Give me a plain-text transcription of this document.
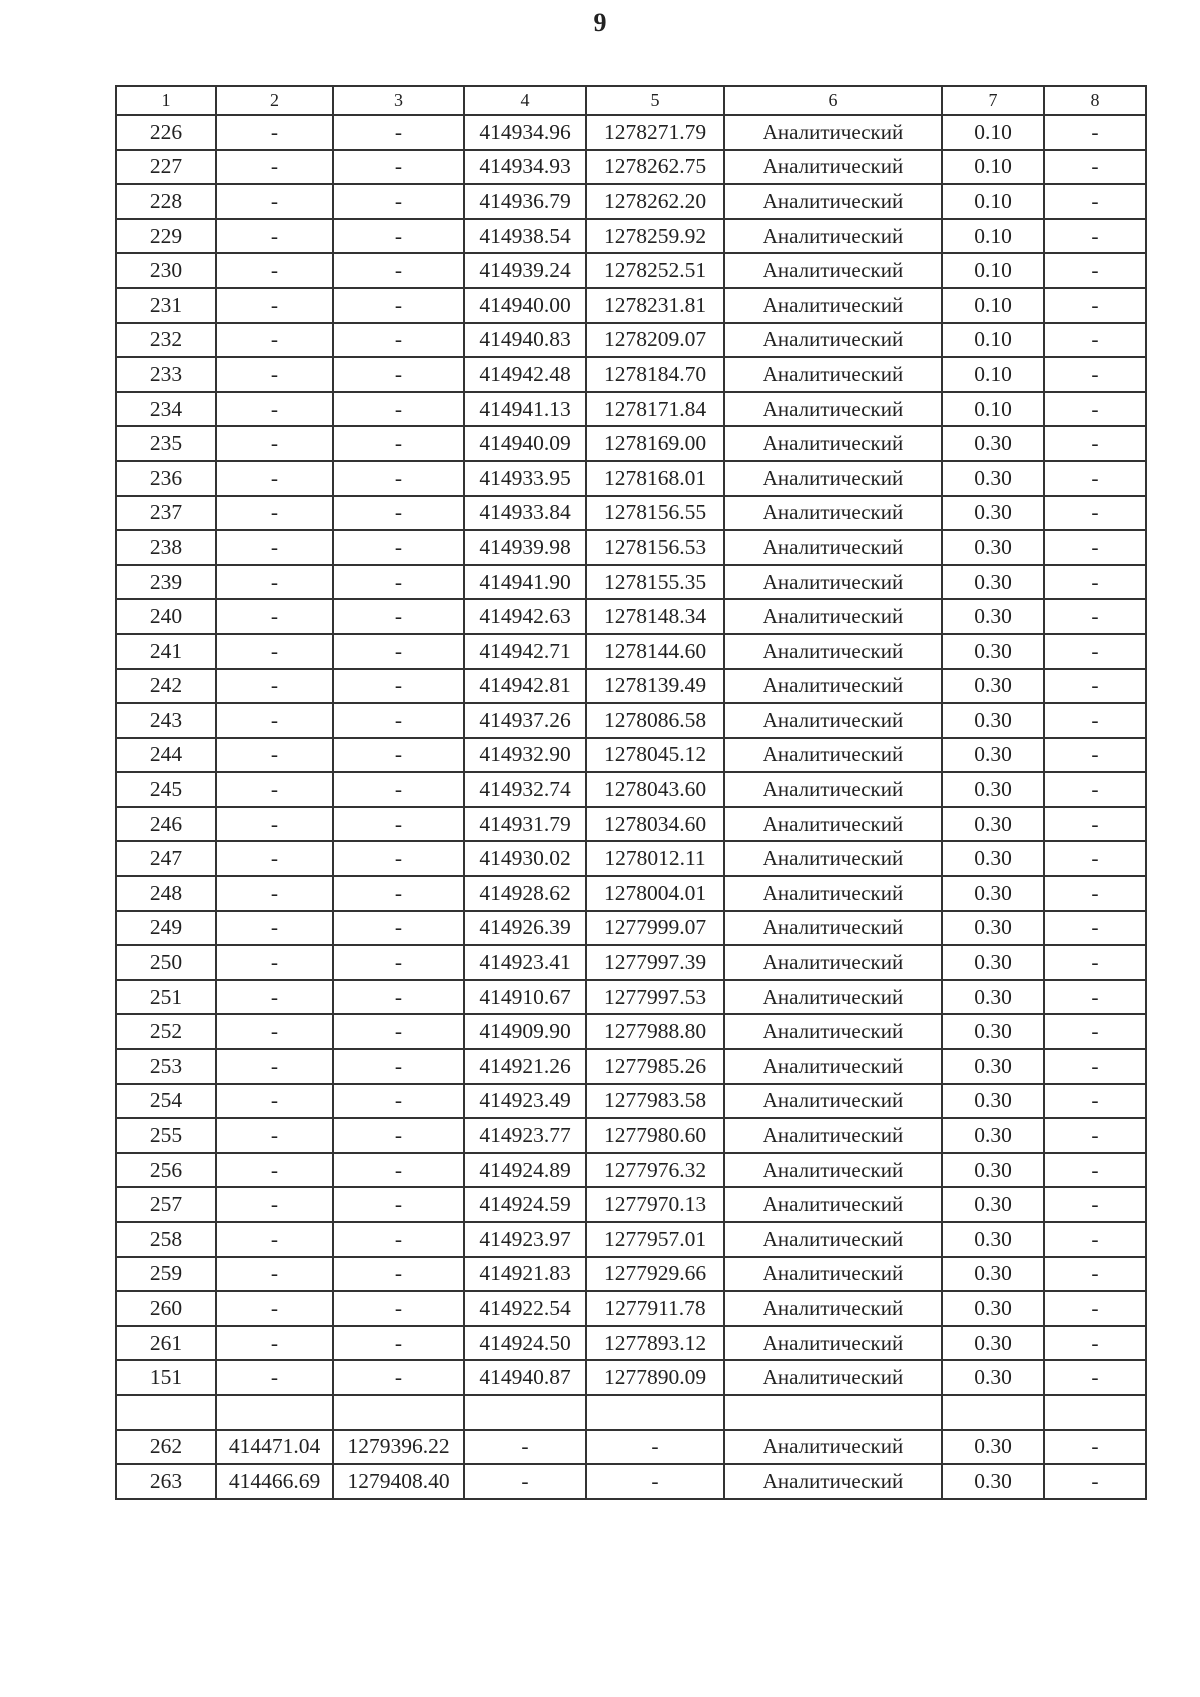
9
1	2	3	4	5	6	7	8
226	-	-	414934.96	1278271.79	Аналитический	0.10	-
227	-	-	414934.93	1278262.75	Аналитический	0.10	-
228	-	-	414936.79	1278262.20	Аналитический	0.10	-
229	-	-	414938.54	1278259.92	Аналитический	0.10	-
230	-	-	414939.24	1278252.51	Аналитический	0.10	-
231	-	-	414940.00	1278231.81	Аналитический	0.10	-
232	-	-	414940.83	1278209.07	Аналитический	0.10	-
233	-	-	414942.48	1278184.70	Аналитический	0.10	-
234	-	-	414941.13	1278171.84	Аналитический	0.10	-
235	-	-	414940.09	1278169.00	Аналитический	0.30	-
236	-	-	414933.95	1278168.01	Аналитический	0.30	-
237	-	-	414933.84	1278156.55	Аналитический	0.30	-
238	-	-	414939.98	1278156.53	Аналитический	0.30	-
239	-	-	414941.90	1278155.35	Аналитический	0.30	-
240	-	-	414942.63	1278148.34	Аналитический	0.30	-
241	-	-	414942.71	1278144.60	Аналитический	0.30	-
242	-	-	414942.81	1278139.49	Аналитический	0.30	-
243	-	-	414937.26	1278086.58	Аналитический	0.30	-
244	-	-	414932.90	1278045.12	Аналитический	0.30	-
245	-	-	414932.74	1278043.60	Аналитический	0.30	-
246	-	-	414931.79	1278034.60	Аналитический	0.30	-
247	-	-	414930.02	1278012.11	Аналитический	0.30	-
248	-	-	414928.62	1278004.01	Аналитический	0.30	-
249	-	-	414926.39	1277999.07	Аналитический	0.30	-
250	-	-	414923.41	1277997.39	Аналитический	0.30	-
251	-	-	414910.67	1277997.53	Аналитический	0.30	-
252	-	-	414909.90	1277988.80	Аналитический	0.30	-
253	-	-	414921.26	1277985.26	Аналитический	0.30	-
254	-	-	414923.49	1277983.58	Аналитический	0.30	-
255	-	-	414923.77	1277980.60	Аналитический	0.30	-
256	-	-	414924.89	1277976.32	Аналитический	0.30	-
257	-	-	414924.59	1277970.13	Аналитический	0.30	-
258	-	-	414923.97	1277957.01	Аналитический	0.30	-
259	-	-	414921.83	1277929.66	Аналитический	0.30	-
260	-	-	414922.54	1277911.78	Аналитический	0.30	-
261	-	-	414924.50	1277893.12	Аналитический	0.30	-
151	-	-	414940.87	1277890.09	Аналитический	0.30	-

262	414471.04	1279396.22	-	-	Аналитический	0.30	-
263	414466.69	1279408.40	-	-	Аналитический	0.30	-
